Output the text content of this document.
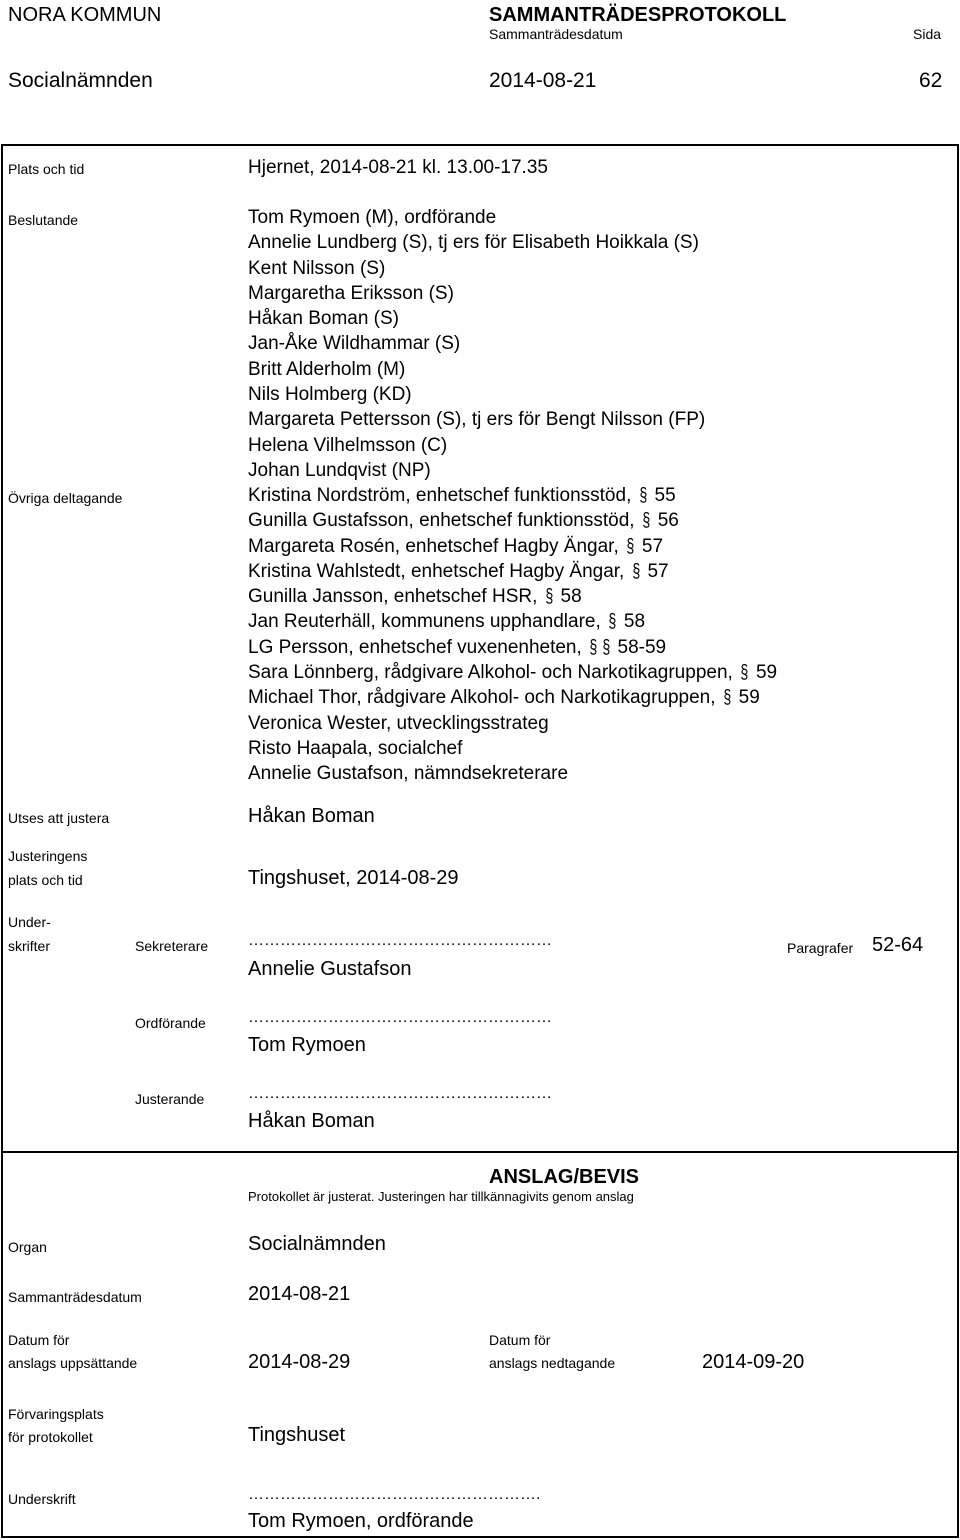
NORA KOMMUN	SAMMANTRÄDESPROTOKOLL
Sammanträdesdatum	Sida
Socialnämnden	2014-08-21	62
Plats och tid	Hjernet, 2014-08-21 kl. 13.00-17.35
Beslutande	Tom Rymoen (M), ordförande
Annelie Lundberg (S), tj ers för Elisabeth Hoikkala (S)
Kent Nilsson (S)
Margaretha Eriksson (S)
Håkan Boman (S)
Jan-Åke Wildhammar (S)
Britt Alderholm (M)
Nils Holmberg (KD)
Margareta Pettersson (S), tj ers för Bengt Nilsson (FP)
Helena Vilhelmsson (C)
Johan Lundqvist (NP)
Övriga deltagande	Kristina Nordström, enhetschef funktionsstöd, § 55
Gunilla Gustafsson, enhetschef funktionsstöd, § 56
Margareta Rosén, enhetschef Hagby Ängar, § 57
Kristina Wahlstedt, enhetschef Hagby Ängar, § 57
Gunilla Jansson, enhetschef HSR, § 58
Jan Reuterhäll, kommunens upphandlare, § 58
LG Persson, enhetschef vuxenenheten, § § 58-59
Sara Lönnberg, rådgivare Alkohol- och Narkotikagruppen, § 59
Michael Thor, rådgivare Alkohol- och Narkotikagruppen, § 59
Veronica Wester, utvecklingsstrateg
Risto Haapala, socialchef
Annelie Gustafson, nämndsekreterare
Utses att justera	Håkan Boman
Justeringens
plats och tid	Tingshuset, 2014-08-29
Under-
skrifter	Sekreterare …………………………………………………	Paragrafer 52-64
Annelie Gustafson
Ordförande	…………………………………………………
Tom Rymoen
Justerande	…………………………………………………
Håkan Boman
ANSLAG/BEVIS
Protokollet är justerat. Justeringen har tillkännagivits genom anslag
Organ	Socialnämnden
Sammanträdesdatum	2014-08-21
Datum för
anslags uppsättande	2014-08-29
Datum för
anslags nedtagande	2014-09-20
Förvaringsplats
för protokollet	Tingshuset
Underskrift	……………………………………………….
Tom Rymoen, ordförande
